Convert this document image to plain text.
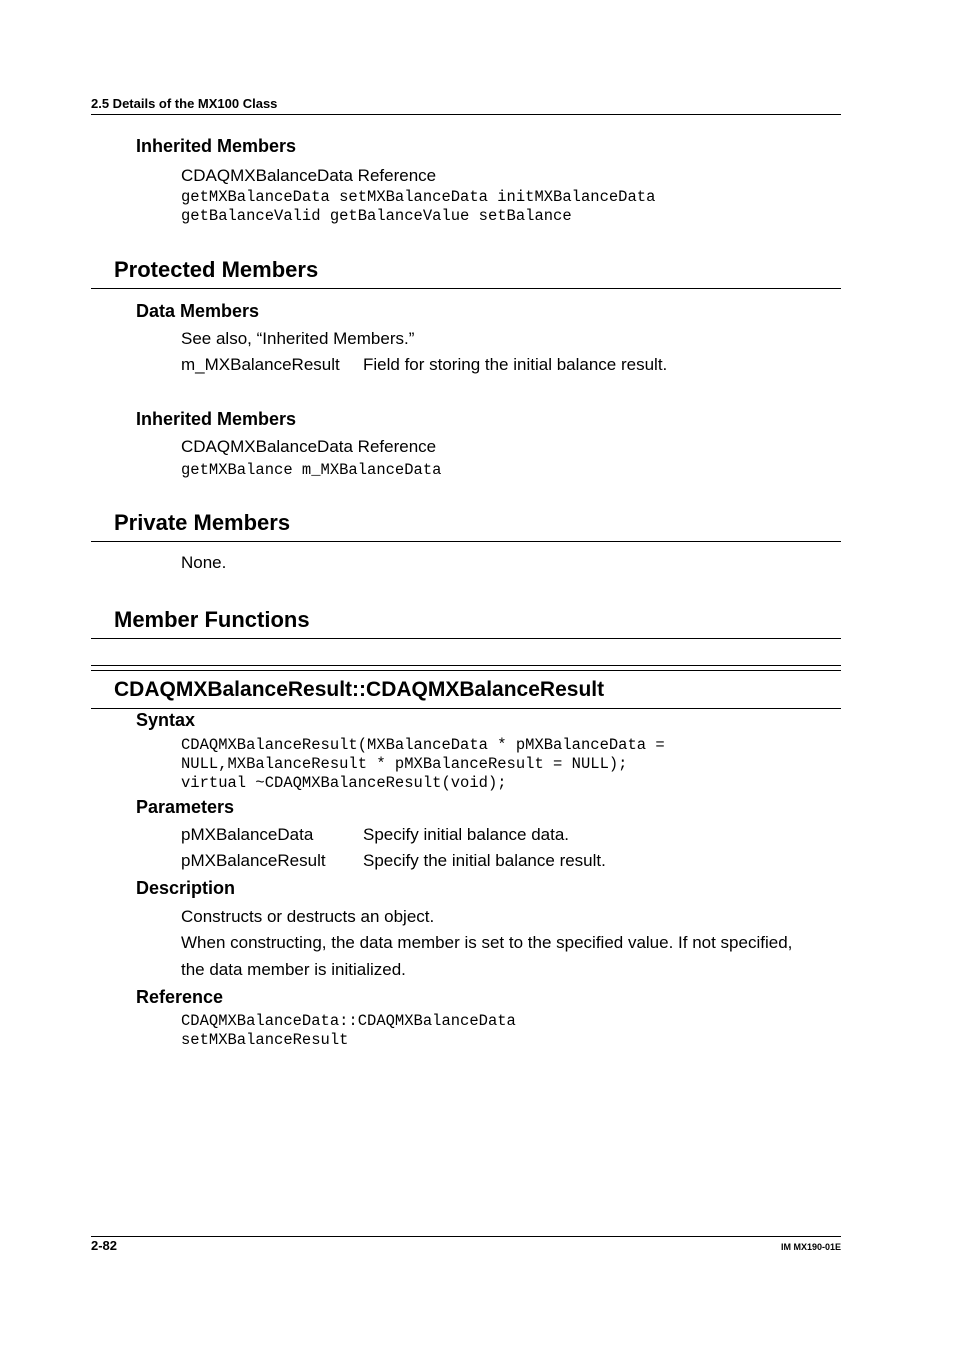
2.5 Details of the MX100 Class
Inherited Members
CDAQMXBalanceData Reference
getMXBalanceData setMXBalanceData initMXBalanceData
getBalanceValid getBalanceValue setBalance
Protected Members
Data Members
See also, “Inherited Members.”
m_MXBalanceResult Field for storing the initial balance result.
Inherited Members
CDAQMXBalanceData Reference
getMXBalance m_MXBalanceData
Private Members
None.
Member Functions
CDAQMXBalanceResult::CDAQMXBalanceResult
Syntax
CDAQMXBalanceResult(MXBalanceData * pMXBalanceData =
NULL,MXBalanceResult * pMXBalanceResult = NULL);
virtual ~CDAQMXBalanceResult(void);
Parameters
pMXBalanceData	Specify initial balance data.
pMXBalanceResult Specify the initial balance result.
Description
Constructs or destructs an object.
When constructing, the data member is set to the specified value. If not specified,
the data member is initialized.
Reference
CDAQMXBalanceData::CDAQMXBalanceData
setMXBalanceResult
2-82	IM MX190-01E
